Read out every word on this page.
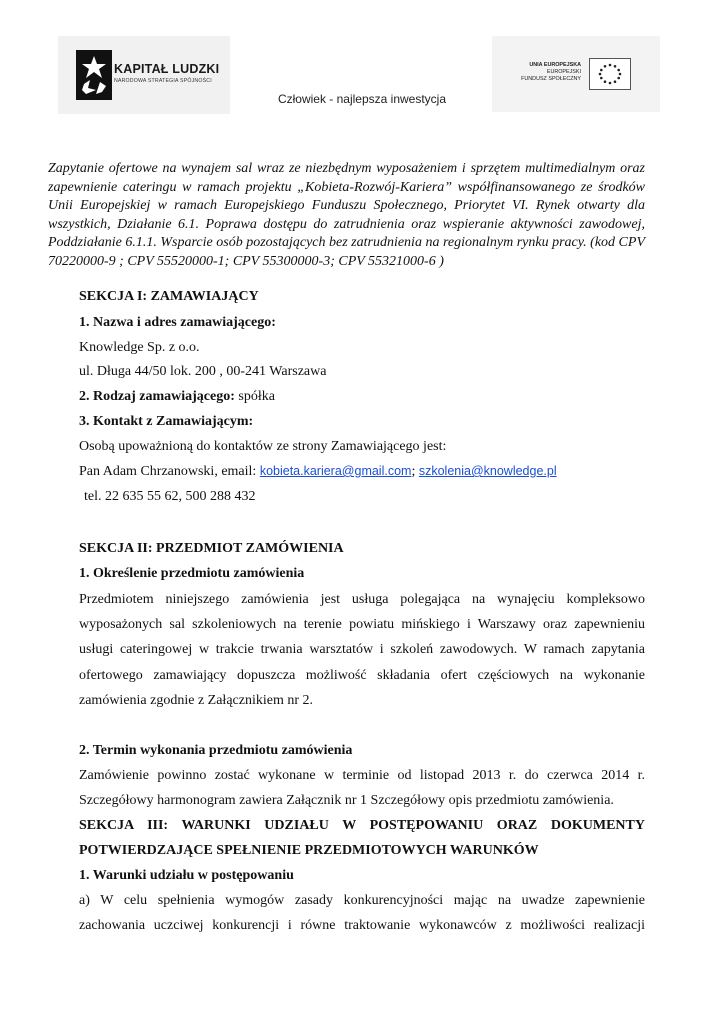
KAPITAŁ LUDZKI
NARODOWA STRATEGIA SPÓJNOŚCI
UNIA EUROPEJSKA
EUROPEJSKI
FUNDUSZ SPOŁECZNY
Człowiek - najlepsza inwestycja
Zapytanie ofertowe na wynajem sal wraz ze niezbędnym wyposażeniem i sprzętem multimedialnym oraz zapewnienie cateringu w ramach projektu „Kobieta-Rozwój-Kariera” współfinansowanego ze środków Unii Europejskiej w ramach Europejskiego Funduszu Społecznego, Priorytet VI. Rynek otwarty dla wszystkich, Działanie 6.1. Poprawa dostępu do zatrudnienia oraz wspieranie aktywności zawodowej, Poddziałanie 6.1.1. Wsparcie osób pozostających bez zatrudnienia na regionalnym rynku pracy. (kod CPV 70220000-9 ; CPV 55520000-1; CPV 55300000-3; CPV 55321000-6 )
SEKCJA I: ZAMAWIAJĄCY
1. Nazwa i adres zamawiającego:
Knowledge Sp. z o.o.
ul. Długa 44/50 lok. 200 , 00-241 Warszawa
2. Rodzaj zamawiającego: spółka
3. Kontakt z Zamawiającym:
Osobą upoważnioną do kontaktów ze strony Zamawiającego jest:
Pan Adam Chrzanowski, email: kobieta.kariera@gmail.com; szkolenia@knowledge.pl
tel. 22 635 55 62, 500 288 432
SEKCJA II: PRZEDMIOT ZAMÓWIENIA
1. Określenie przedmiotu zamówienia
Przedmiotem niniejszego zamówienia jest usługa polegająca na wynajęciu kompleksowo wyposażonych sal szkoleniowych na terenie powiatu mińskiego i Warszawy oraz zapewnieniu usługi cateringowej w trakcie trwania warsztatów i szkoleń zawodowych. W ramach zapytania ofertowego zamawiający dopuszcza możliwość składania ofert częściowych na wykonanie zamówienia zgodnie z Załącznikiem nr 2.
2. Termin wykonania przedmiotu zamówienia
Zamówienie powinno zostać wykonane w terminie od listopad 2013 r. do czerwca 2014 r.
Szczegółowy harmonogram zawiera Załącznik nr 1 Szczegółowy opis przedmiotu zamówienia.
SEKCJA III: WARUNKI UDZIAŁU W POSTĘPOWANIU ORAZ DOKUMENTY
POTWIERDZAJĄCE SPEŁNIENIE PRZEDMIOTOWYCH WARUNKÓW
1. Warunki udziału w postępowaniu
a) W celu spełnienia wymogów zasady konkurencyjności mając na uwadze zapewnienie
zachowania uczciwej konkurencji i równe traktowanie wykonawców z możliwości realizacji
